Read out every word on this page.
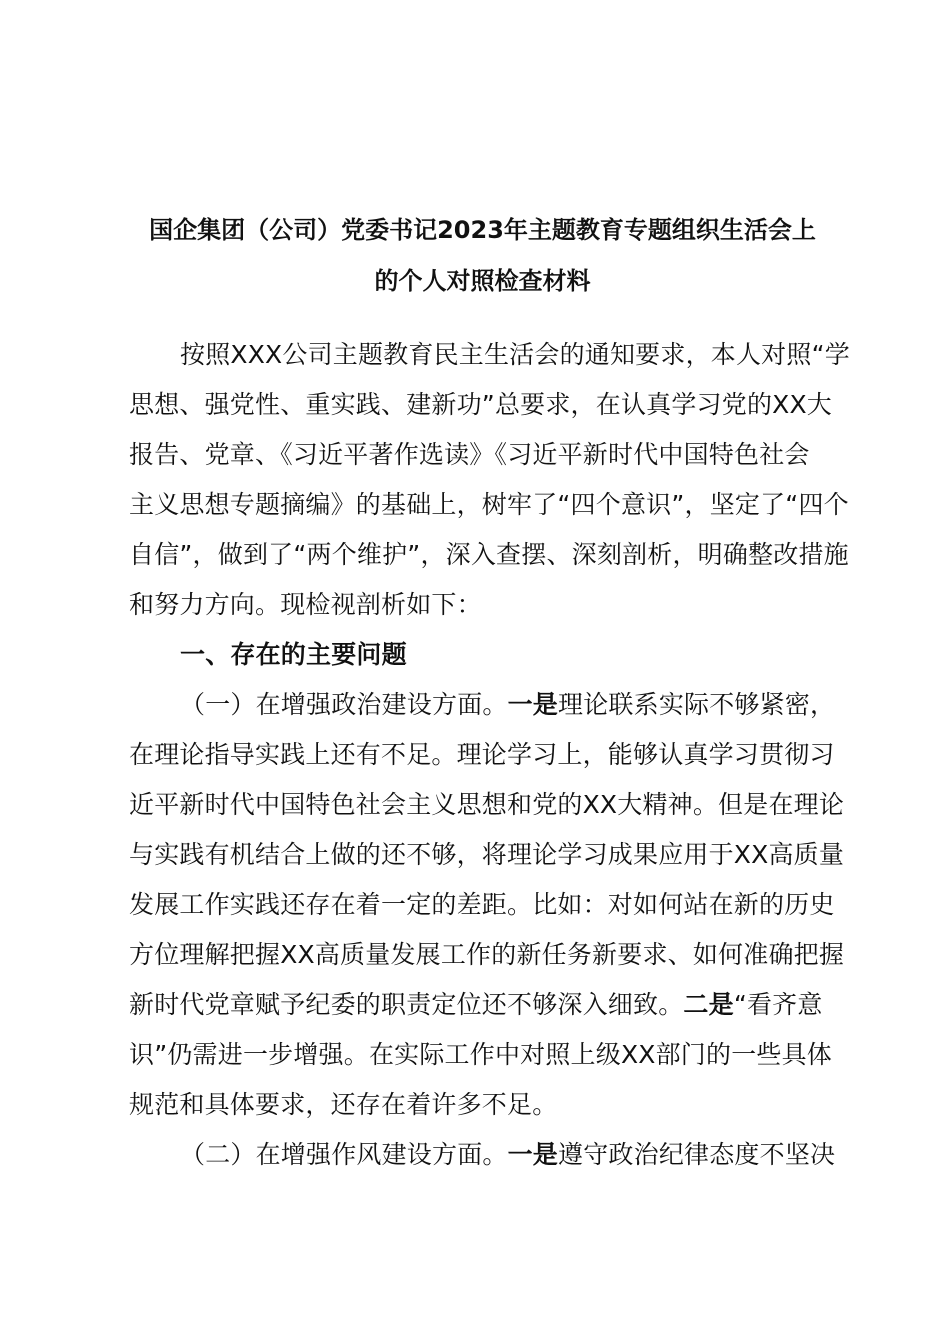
国企集团（公司）党委书记2023年主题教育专题组织生活会上
的个人对照检查材料
按照XXX公司主题教育民主生活会的通知要求，本人对照“学
思想、强党性、重实践、建新功”总要求，在认真学习党的XX大
报告、党章、《习近平著作选读》《习近平新时代中国特色社会
主义思想专题摘编》的基础上，树牢了“四个意识”，坚定了“四个
自信”，做到了“两个维护”，深入查摆、深刻剖析，明确整改措施
和努力方向。现检视剖析如下：
一、存在的主要问题
（一）在增强政治建设方面。一是理论联系实际不够紧密，
在理论指导实践上还有不足。理论学习上，能够认真学习贯彻习
近平新时代中国特色社会主义思想和党的XX大精神。但是在理论
与实践有机结合上做的还不够，将理论学习成果应用于XX高质量
发展工作实践还存在着一定的差距。比如：对如何站在新的历史
方位理解把握XX高质量发展工作的新任务新要求、如何准确把握
新时代党章赋予纪委的职责定位还不够深入细致。二是“看齐意
识”仍需进一步增强。在实际工作中对照上级XX部门的一些具体
规范和具体要求，还存在着许多不足。
（二）在增强作风建设方面。一是遵守政治纪律态度不坚决
